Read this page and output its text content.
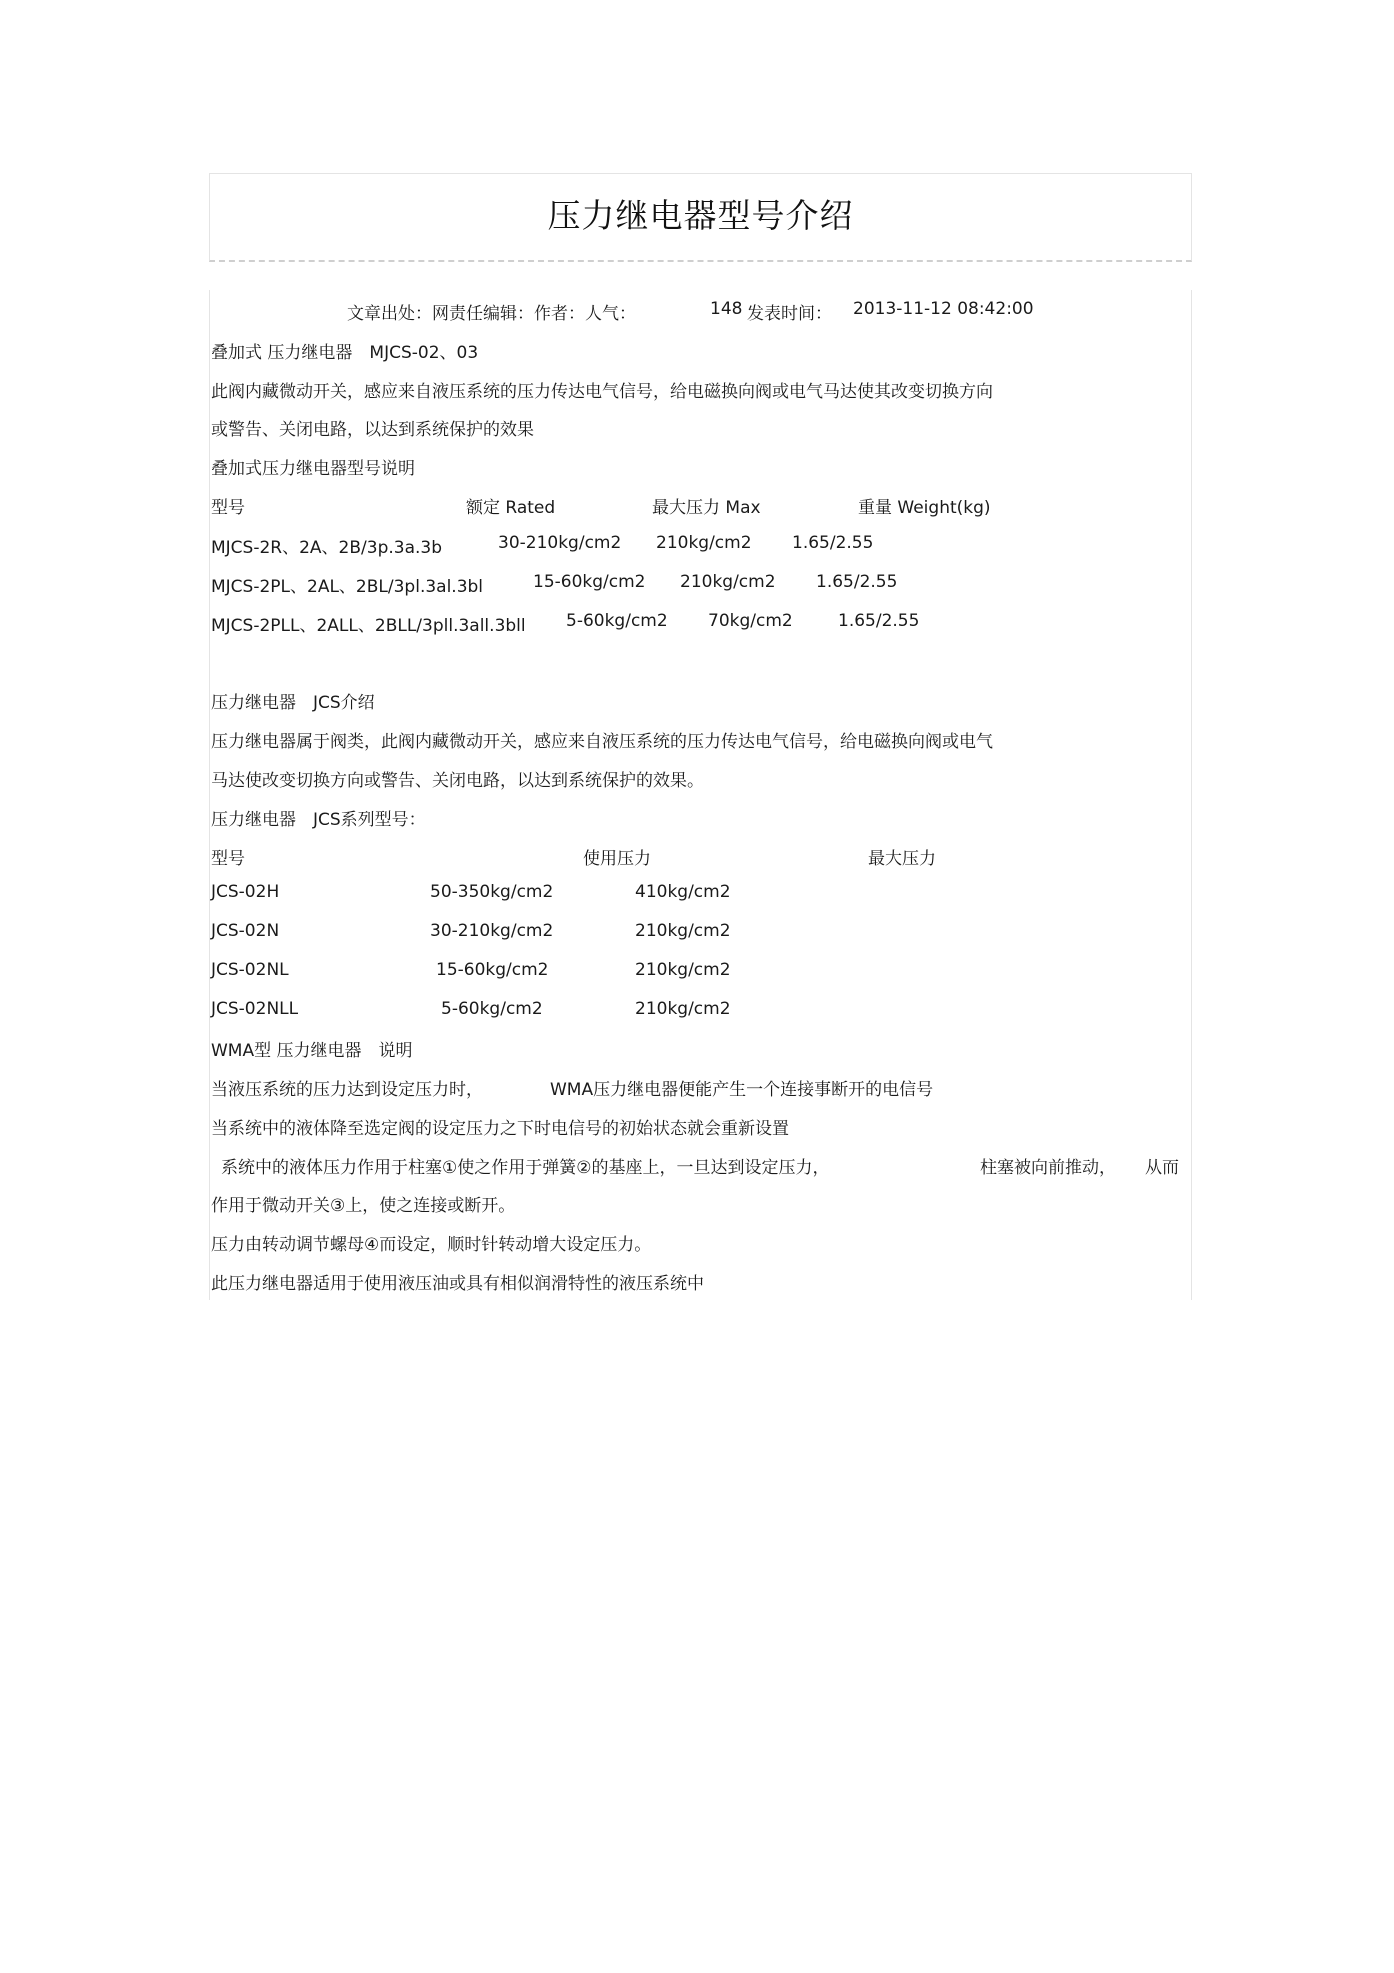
压力继电器型号介绍
文章出处：网责任编辑：作者：人气：	148 发表时间： 2013-11-12 08:42:00
叠加式 压力继电器　MJCS-02、03
此阀内藏微动开关，感应来自液压系统的压力传达电气信号，给电磁换向阀或电气马达使其改变切换方向
或警告、关闭电路，以达到系统保护的效果
叠加式压力继电器型号说明
型号	额定 Rated	最大压力 Max	重量 Weight(kg)
MJCS-2R、2A、2B/3p.3a.3b	30-210kg/cm2 210kg/cm2 1.65/2.55
MJCS-2PL、2AL、2BL/3pl.3al.3bl	15-60kg/cm2 210kg/cm2 1.65/2.55
MJCS-2PLL、2ALL、2BLL/3pll.3all.3bll 5-60kg/cm2 70kg/cm2	1.65/2.55
压力继电器　JCS介绍
压力继电器属于阀类，此阀内藏微动开关，感应来自液压系统的压力传达电气信号，给电磁换向阀或电气
马达使改变切换方向或警告、关闭电路，以达到系统保护的效果。
压力继电器　JCS系列型号：
型号	使用压力	最大压力
JCS-02H	50-350kg/cm2	410kg/cm2
JCS-02N	30-210kg/cm2	210kg/cm2
JCS-02NL	15-60kg/cm2	210kg/cm2
JCS-02NLL	5-60kg/cm2	210kg/cm2
WMA型 压力继电器　说明
当液压系统的压力达到设定压力时，	WMA压力继电器便能产生一个连接事断开的电信号
当系统中的液体降至选定阀的设定压力之下时电信号的初始状态就会重新设置
系统中的液体压力作用于柱塞①使之作用于弹簧②的基座上，一旦达到设定压力，	柱塞被向前推动， 从而
作用于微动开关③上，使之连接或断开。
压力由转动调节螺母④而设定，顺时针转动增大设定压力。
此压力继电器适用于使用液压油或具有相似润滑特性的液压系统中
